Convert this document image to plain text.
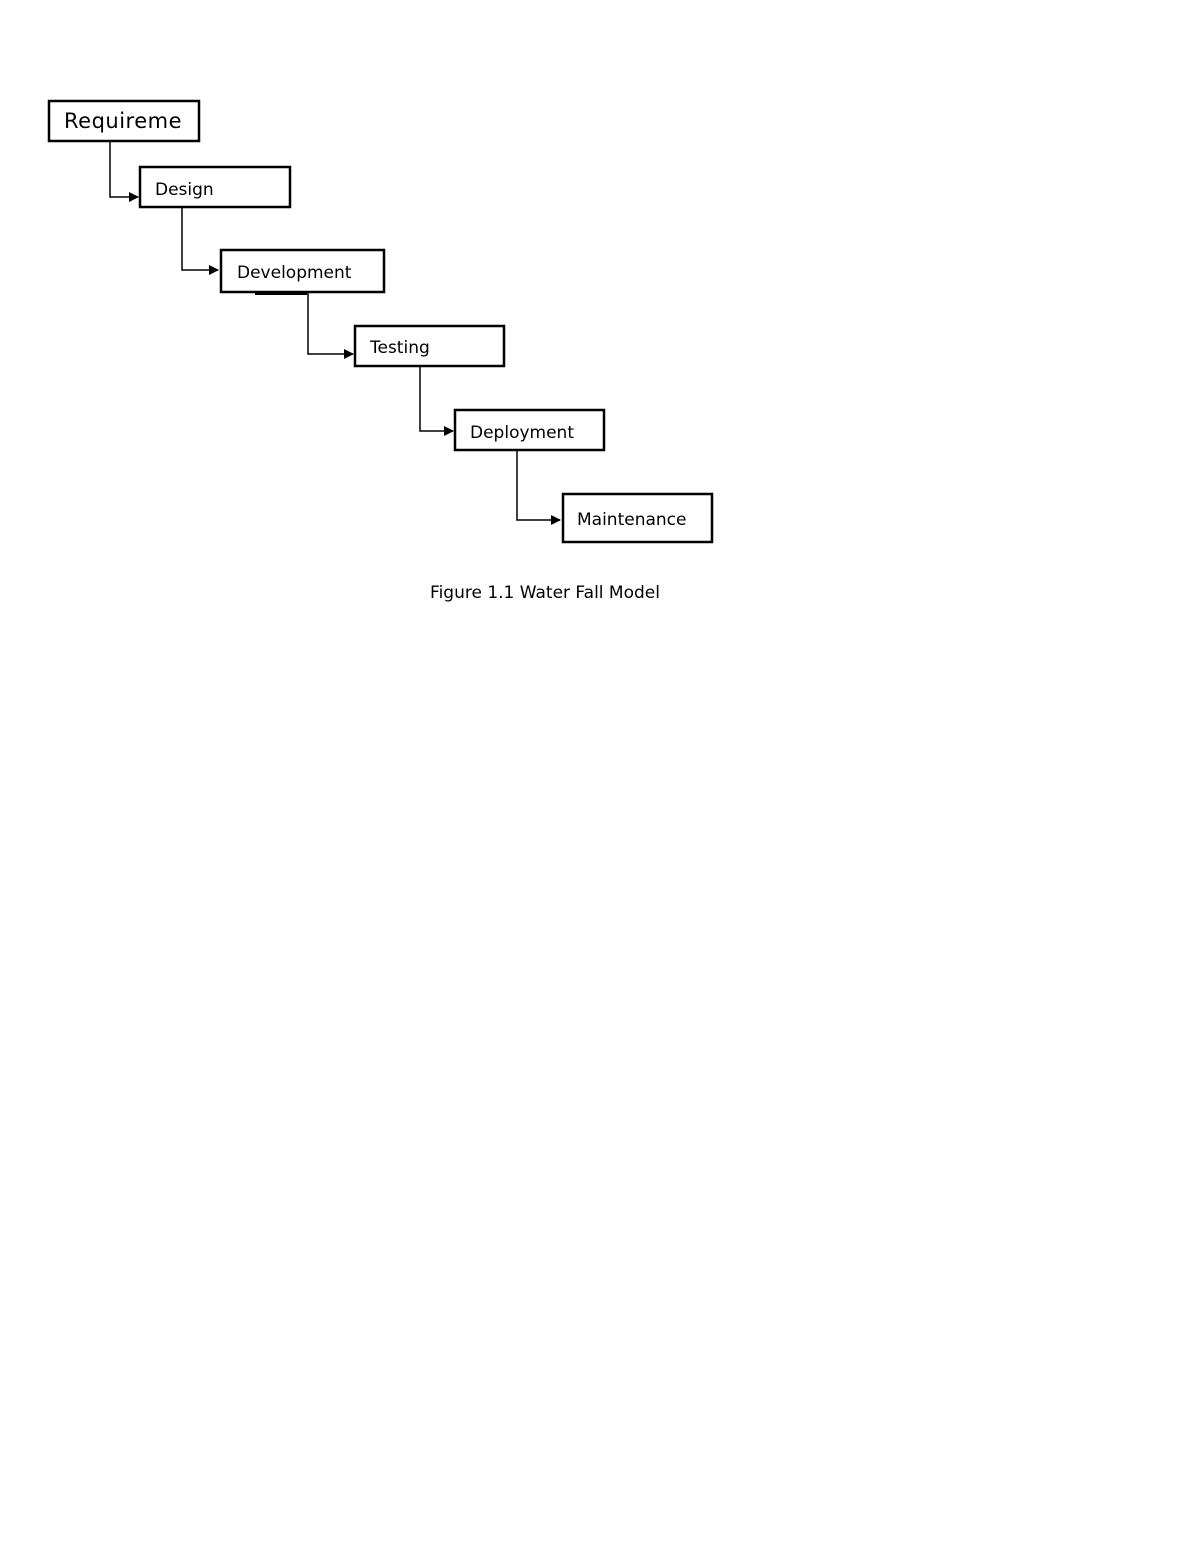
Requireme
Design
Development
Testing
Deployment
Maintenance
Figure 1.1 Water Fall Model
